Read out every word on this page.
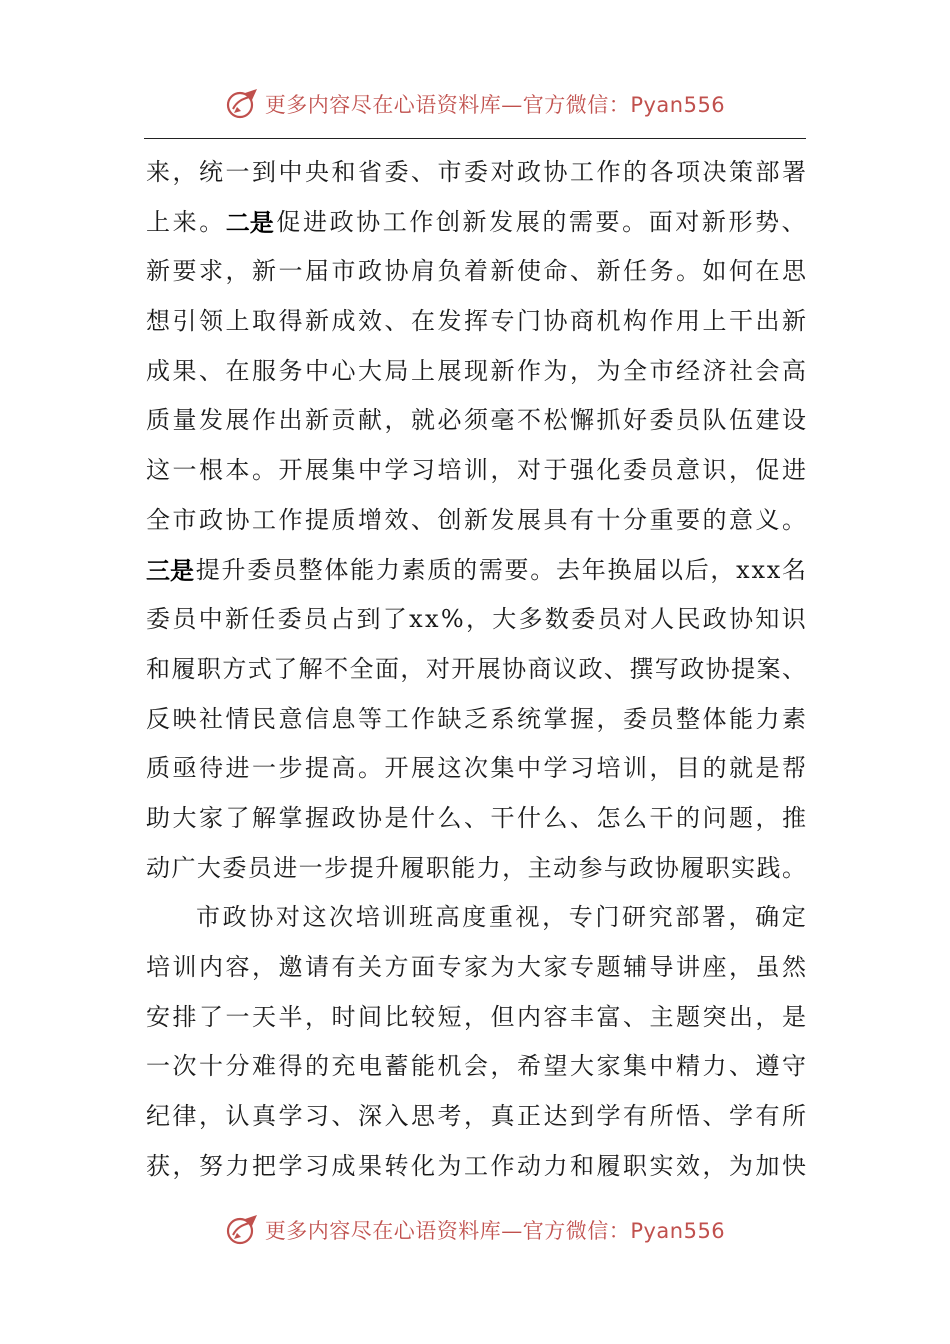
更多内容尽在心语资料库—官方微信：Pyan556
来 ， 统 一 到 中 央 和 省 委 、 市 委 对 政 协 工 作 的 各 项 决 策 部 署
上 来 。 二是 促 进 政 协 工 作 创 新 发 展 的 需 要 。 面 对 新 形 势 、
新 要 求 ， 新 一 届 市 政 协 肩 负 着 新 使 命 、 新 任 务 。 如 何 在 思
想 引 领 上 取 得 新 成 效 、 在 发 挥 专 门 协 商 机 构 作 用 上 干 出 新
成 果 、 在 服 务 中 心 大 局 上 展 现 新 作 为 ， 为 全 市 经 济 社 会 高
质 量 发 展 作 出 新 贡 献 ， 就 必 须 毫 不 松 懈 抓 好 委 员 队 伍 建 设
这 一 根 本 。 开 展 集 中 学 习 培 训 ， 对 于 强 化 委 员 意 识 ， 促 进
全 市 政 协 工 作 提 质 增 效 、 创 新 发 展 具 有 十 分 重 要 的 意 义 。
三是 提 升 委 员 整 体 能 力 素 质 的 需 要 。 去 年 换 届 以 后 ， x x x 名
委 员 中 新 任 委 员 占 到 了 x x % ， 大 多 数 委 员 对 人 民 政 协 知 识
和 履 职 方 式 了 解 不 全 面 ， 对 开 展 协 商 议 政 、 撰 写 政 协 提 案 、
反 映 社 情 民 意 信 息 等 工 作 缺 乏 系 统 掌 握 ， 委 员 整 体 能 力 素
质 亟 待 进 一 步 提 高 。 开 展 这 次 集 中 学 习 培 训 ， 目 的 就 是 帮
助 大 家 了 解 掌 握 政 协 是 什 么 、 干 什 么 、 怎 么 干 的 问 题 ， 推
动 广 大 委 员 进 一 步 提 升 履 职 能 力 ， 主 动 参 与 政 协 履 职 实 践 。
市 政 协 对 这 次 培 训 班 高 度 重 视 ， 专 门 研 究 部 署 ， 确 定
培 训 内 容 ， 邀 请 有 关 方 面 专 家 为 大 家 专 题 辅 导 讲 座 ， 虽 然
安 排 了 一 天 半 ， 时 间 比 较 短 ， 但 内 容 丰 富 、 主 题 突 出 ， 是
一 次 十 分 难 得 的 充 电 蓄 能 机 会 ， 希 望 大 家 集 中 精 力 、 遵 守
纪 律 ， 认 真 学 习 、 深 入 思 考 ， 真 正 达 到 学 有 所 悟 、 学 有 所
获 ， 努 力 把 学 习 成 果 转 化 为 工 作 动 力 和 履 职 实 效 ， 为 加 快
更多内容尽在心语资料库—官方微信：Pyan556
